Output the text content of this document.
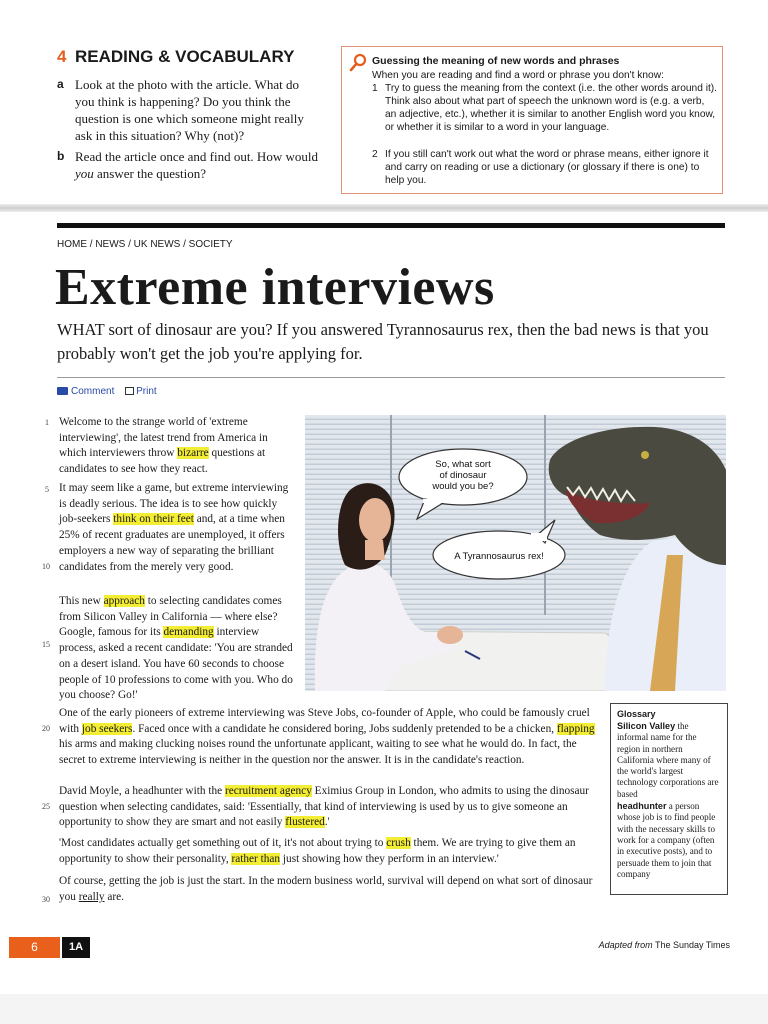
4 READING & VOCABULARY
a Look at the photo with the article. What do you think is happening? Do you think the question is one which someone might really ask in this situation? Why (not)?
b Read the article once and find out. How would you answer the question?
Guessing the meaning of new words and phrases
When you are reading and find a word or phrase you don't know:
1 Try to guess the meaning from the context (i.e. the other words around it). Think also about what part of speech the unknown word is (e.g. a verb, an adjective, etc.), whether it is similar to another English word you know, or whether it is similar to a word in your language.
2 If you still can't work out what the word or phrase means, either ignore it and carry on reading or use a dictionary (or glossary if there is one) to help you.
HOME / NEWS / UK NEWS / SOCIETY
Extreme interviews
WHAT sort of dinosaur are you? If you answered Tyrannosaurus rex, then the bad news is that you probably won't get the job you're applying for.
Comment Print
1
5
10
15
20
25
30
Welcome to the strange world of 'extreme interviewing', the latest trend from America in which interviewers throw bizarre questions at candidates to see how they react.
It may seem like a game, but extreme interviewing is deadly serious. The idea is to see how quickly job-seekers think on their feet and, at a time when 25% of recent graduates are unemployed, it offers employers a new way of separating the brilliant candidates from the merely very good.
This new approach to selecting candidates comes from Silicon Valley in California — where else? Google, famous for its demanding interview process, asked a recent candidate: 'You are stranded on a desert island. You have 60 seconds to choose people of 10 professions to come with you. Who do you choose? Go!'
One of the early pioneers of extreme interviewing was Steve Jobs, co-founder of Apple, who could be famously cruel with job seekers. Faced once with a candidate he considered boring, Jobs suddenly pretended to be a chicken, flapping his arms and making clucking noises round the unfortunate applicant, waiting to see what he would do. In fact, the secret to extreme interviewing is neither in the question nor the answer. It is in the candidate's reaction.
David Moyle, a headhunter with the recruitment agency Eximius Group in London, who admits to using the dinosaur question when selecting candidates, said: 'Essentially, that kind of interviewing is used by us to give someone an opportunity to show they are smart and not easily flustered.'
'Most candidates actually get something out of it, it's not about trying to crush them. We are trying to give them an opportunity to show their personality, rather than just showing how they perform in an interview.'
Of course, getting the job is just the start. In the modern business world, survival will depend on what sort of dinosaur you really are.
So, what sort of dinosaur would you be?
A Tyrannosaurus rex!
Glossary
Silicon Valley the informal name for the region in northern California where many of the world's largest technology corporations are based
headhunter a person whose job is to find people with the necessary skills to work for a company (often in executive posts), and to persuade them to join that company
6	1A	Adapted from The Sunday Times
